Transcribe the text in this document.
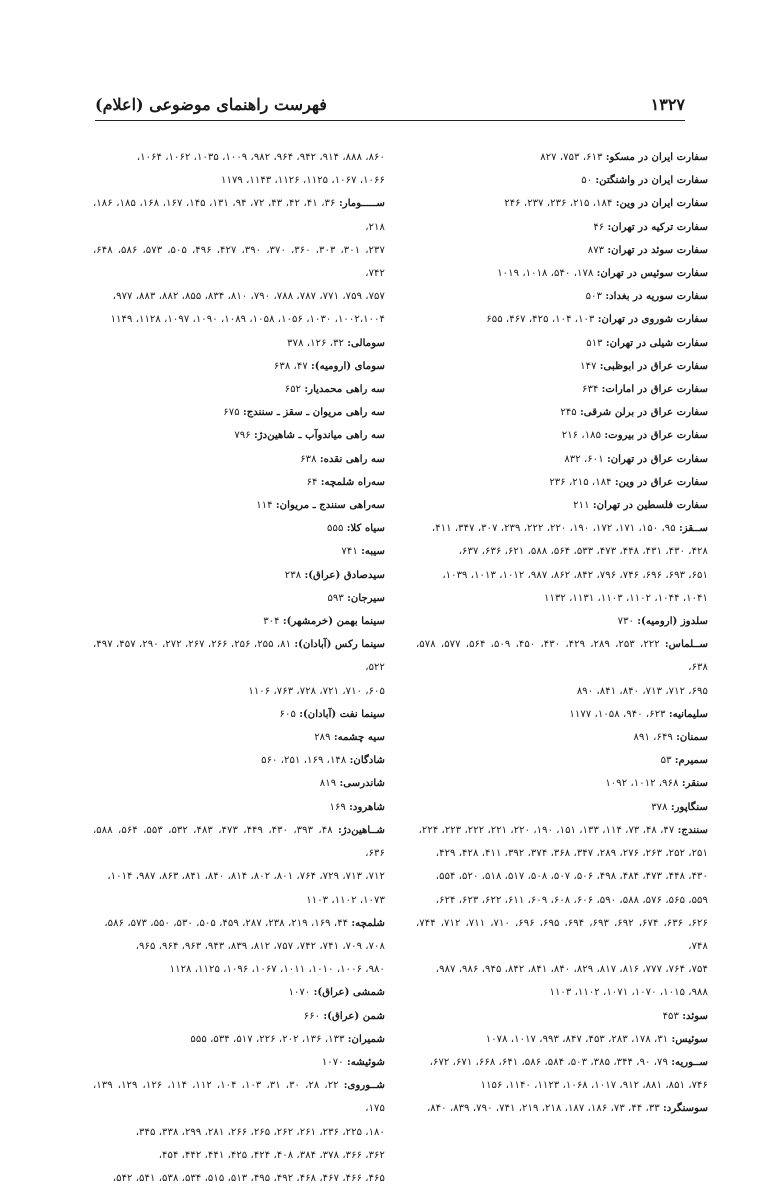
فهرست راهنمای موضوعی (اعلام)	۱۳۲۷
سفارت ایران در مسکو: ۶۱۳، ۷۵۳، ۸۲۷
سفارت ایران در واشنگتن: ۵۰
سفارت ایران در وین: ۱۸۴، ۲۱۵، ۲۳۶، ۲۳۷، ۲۴۶
سفارت ترکیه در تهران: ۴۶
سفارت سوئد در تهران: ۸۷۳
سفارت سوئیس در تهران: ۱۷۸، ۵۴۰، ۱۰۱۸، ۱۰۱۹
سفارت سوریه در بغداد: ۵۰۳
سفارت شوروی در تهران: ۱۰۳، ۱۰۴، ۴۲۵، ۴۶۷، ۶۵۵
سفارت شیلی در تهران: ۵۱۳
سفارت عراق در ابوظبی: ۱۴۷
سفارت عراق در امارات: ۶۳۴
سفارت عراق در برلن شرقی: ۲۴۵
سفارت عراق در بیروت: ۱۸۵، ۲۱۶
سفارت عراق در تهران: ۶۰۱، ۸۳۲
سفارت عراق در وین: ۱۸۴، ۲۱۵، ۲۳۶
سفارت فلسطین در تهران: ۲۱۱
ســقز: ۹۵، ۱۵۰، ۱۷۱، ۱۷۲، ۱۹۰، ۲۲۰، ۲۲۲، ۲۳۹، ۳۰۷، ۳۴۷، ۴۱۱،
۴۲۸، ۴۳۰، ۴۳۱، ۴۴۸، ۴۷۳، ۵۳۳، ۵۶۴، ۵۸۸، ۶۲۱، ۶۳۶، ۶۳۷،
۶۵۱، ۶۹۳، ۶۹۶، ۷۴۶، ۷۹۶، ۸۴۲، ۸۶۲، ۹۸۷، ۱۰۱۲، ۱۰۱۳، ۱۰۳۹،
۱۰۴۱، ۱۰۴۴، ۱۱۰۲، ۱۱۰۳، ۱۱۳۱، ۱۱۳۲
سلدوز (ارومیه): ۷۳۰
ســلماس: ۲۲۲، ۲۵۳، ۲۸۹، ۴۲۹، ۴۳۰، ۴۵۰، ۵۰۹، ۵۶۴، ۵۷۷، ۵۷۸، ۶۳۸،
۶۹۵، ۷۱۲، ۷۱۳، ۸۴۰، ۸۴۱، ۸۹۰
سلیمانیه: ۶۲۳، ۹۴۰، ۱۰۵۸، ۱۱۷۷
سمنان: ۶۴۹، ۸۹۱
سمیرم: ۵۳
سنقر: ۹۶۸، ۱۰۱۲، ۱۰۹۲
سنگاپور: ۳۷۸
سنندج: ۴۷، ۴۸، ۷۳، ۱۱۴، ۱۳۳، ۱۵۱، ۱۹۰، ۲۲۰، ۲۲۱، ۲۲۲، ۲۲۳، ۲۲۴،
۲۵۱، ۲۵۲، ۲۶۳، ۲۷۶، ۲۸۹، ۳۴۷، ۳۶۸، ۳۷۴، ۳۹۲، ۴۱۱، ۴۲۸، ۴۲۹،
۴۳۰، ۴۴۸، ۴۷۳، ۴۸۴، ۴۹۸، ۵۰۶، ۵۰۷، ۵۰۸، ۵۱۷، ۵۱۸، ۵۲۰، ۵۵۴،
۵۵۹، ۵۶۵، ۵۷۶، ۵۸۸، ۵۹۰، ۶۰۶، ۶۰۸، ۶۰۹، ۶۱۱، ۶۲۲، ۶۲۳، ۶۲۴،
۶۲۶، ۶۳۶، ۶۷۴، ۶۹۲، ۶۹۳، ۶۹۴، ۶۹۵، ۶۹۶، ۷۱۰، ۷۱۱، ۷۱۲، ۷۴۴، ۷۴۸،
۷۵۴، ۷۶۴، ۷۷۷، ۸۱۶، ۸۱۷، ۸۲۹، ۸۴۰، ۸۴۱، ۸۴۲، ۹۴۵، ۹۸۶، ۹۸۷،
۹۸۸، ۱۰۱۵، ۱۰۷۰، ۱۰۷۱، ۱۱۰۲، ۱۱۰۳
سوئد: ۴۵۳
سوئیس: ۳۱، ۱۷۸، ۲۸۳، ۴۵۳، ۸۴۷، ۹۹۳، ۱۰۱۷، ۱۰۷۸
ســوریه: ۷۹، ۹۰، ۳۴۴، ۳۸۵، ۵۰۳، ۵۸۴، ۵۸۶، ۶۴۱، ۶۶۸، ۶۷۱، ۶۷۲،
۷۴۶، ۸۵۱، ۸۸۱، ۹۱۲، ۱۰۱۷، ۱۰۶۸، ۱۱۲۳، ۱۱۴۰، ۱۱۵۶
سوسنگرد: ۳۳، ۴۴، ۷۳، ۱۸۶، ۱۸۷، ۲۱۸، ۲۱۹، ۷۴۱، ۷۹۰، ۸۳۹، ۸۴۰،
۸۶۰، ۸۸۸، ۹۱۴، ۹۴۲، ۹۶۴، ۹۸۲، ۱۰۰۹، ۱۰۳۵، ۱۰۶۲، ۱۰۶۴،
۱۰۶۶، ۱۰۶۷، ۱۱۲۵، ۱۱۲۶، ۱۱۴۳، ۱۱۷۹
ســـــومار: ۳۶، ۴۱، ۴۲، ۴۳، ۷۲، ۹۴، ۱۳۱، ۱۴۵، ۱۶۷، ۱۶۸، ۱۸۵، ۱۸۶، ۲۱۸،
۲۳۷، ۳۰۱، ۳۰۳، ۳۶۰، ۳۷۰، ۳۹۰، ۴۲۷، ۴۹۶، ۵۰۵، ۵۷۳، ۵۸۶، ۶۴۸، ۷۴۲،
۷۵۷، ۷۵۹، ۷۷۱، ۷۸۷، ۷۸۸، ۷۹۰، ۸۱۰، ۸۳۴، ۸۵۵، ۸۸۲، ۸۸۳، ۹۷۷،
۱۰۰۲،۱۰۰۴، ۱۰۳۰، ۱۰۵۶، ۱۰۵۸، ۱۰۸۹، ۱۰۹۰، ۱۰۹۷، ۱۱۲۸، ۱۱۴۹
سومالی: ۳۲، ۱۲۶، ۳۷۸
سومای (ارومیه): ۴۷، ۶۳۸
سه راهی محمدیار: ۶۵۲
سه راهی مریوان ـ سقز ـ سنندج: ۶۷۵
سه راهی میاندوآب ـ شاهین‌دژ: ۷۹۶
سه راهی نقده: ۶۳۸
سه‌راه شلمچه: ۶۴
سه‌راهی سنندج ـ مریوان: ۱۱۴
سیاه کلا: ۵۵۵
سیبه: ۷۴۱
سیدصادق (عراق): ۲۳۸
سیرجان: ۵۹۳
سینما بهمن (خرمشهر): ۳۰۴
سینما رکس (آبادان): ۸۱، ۲۵۵، ۲۵۶، ۲۶۶، ۲۶۷، ۲۷۲، ۲۹۰، ۴۵۷، ۴۹۷، ۵۲۲،
۶۰۵، ۷۱۰، ۷۲۱، ۷۲۸، ۷۶۳، ۱۱۰۶
سینما نفت (آبادان): ۶۰۵
سیه چشمه: ۲۸۹
شادگان: ۱۴۸، ۱۶۹، ۲۵۱، ۵۶۰
شاندرسی: ۸۱۹
شاهرود: ۱۶۹
شــاهین‌دژ: ۴۸، ۳۹۳، ۴۳۰، ۴۴۹، ۴۷۳، ۴۸۳، ۵۳۲، ۵۵۳، ۵۶۴، ۵۸۸، ۶۳۶،
۷۱۲، ۷۱۳، ۷۲۹، ۷۶۴، ۸۰۱، ۸۰۲، ۸۱۴، ۸۴۰، ۸۴۱، ۸۶۳، ۹۸۷، ۱۰۱۴،
۱۰۷۳، ۱۱۰۲، ۱۱۰۳
شلمچه: ۴۴، ۱۶۹، ۲۱۹، ۲۳۸، ۲۸۷، ۴۵۹، ۵۰۵، ۵۳۰، ۵۵۰، ۵۷۳، ۵۸۶،
۷۰۸، ۷۰۹، ۷۴۱، ۷۴۲، ۷۵۷، ۸۱۲، ۸۳۹، ۹۴۳، ۹۶۳، ۹۶۴، ۹۶۵،
۹۸۰، ۱۰۰۶، ۱۰۱۰، ۱۰۱۱، ۱۰۶۷، ۱۰۹۶، ۱۱۲۵، ۱۱۲۸
شمشی (عراق): ۱۰۷۰
شمن (عراق): ۶۶۰
شمیران: ۱۳۳، ۱۳۶، ۲۰۲، ۲۲۶، ۵۱۷، ۵۳۴، ۵۵۵
شوئیشه: ۱۰۷۰
شــوروی: ۲۲، ۲۸، ۳۰، ۳۱، ۱۰۳، ۱۰۴، ۱۱۲، ۱۱۴، ۱۲۶، ۱۲۹، ۱۳۹، ۱۷۵،
۱۸۰، ۲۲۵، ۲۳۶، ۲۶۱، ۲۶۲، ۲۶۵، ۲۶۶، ۲۸۱، ۲۹۹، ۳۳۸، ۳۴۵،
۳۶۲، ۳۶۶، ۳۷۸، ۳۸۴، ۴۰۸، ۴۲۴، ۴۲۵، ۴۴۱، ۴۴۲، ۴۵۴،
۴۶۵، ۴۶۶، ۴۶۷، ۴۶۸، ۴۹۲، ۴۹۵، ۵۱۳، ۵۱۵، ۵۳۴، ۵۳۸، ۵۴۱، ۵۴۲،
